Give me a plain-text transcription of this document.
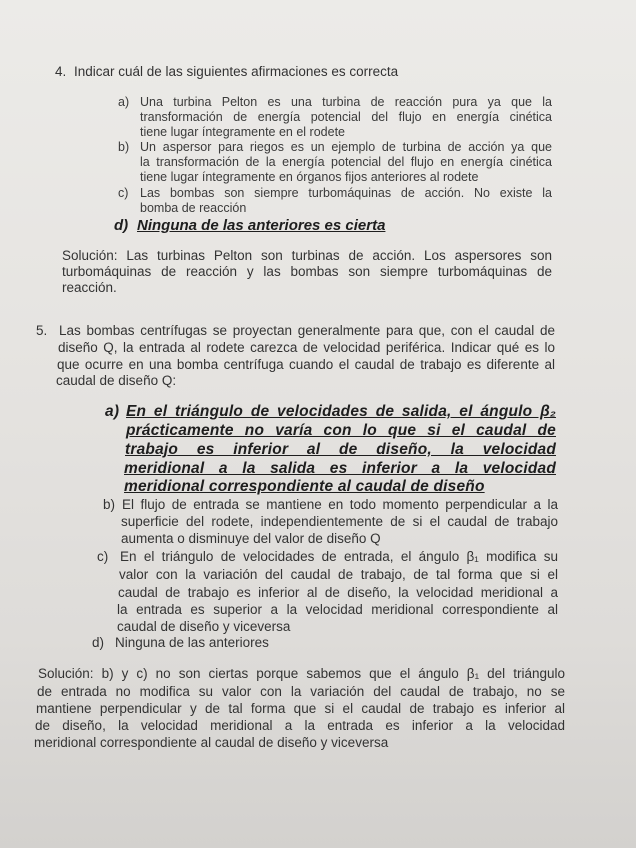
4. Indicar cuál de las siguientes afirmaciones es correcta
a) Una turbina Pelton es una turbina de reacción pura ya que la
transformación de energía potencial del flujo en energía cinética
tiene lugar íntegramente en el rodete
b) Un aspersor para riegos es un ejemplo de turbina de acción ya que
la transformación de la energía potencial del flujo en energía cinética
tiene lugar íntegramente en órganos fijos anteriores al rodete
c) Las bombas son siempre turbomáquinas de acción. No existe la
bomba de reacción
d) Ninguna de las anteriores es cierta
Solución: Las turbinas Pelton son turbinas de acción. Los aspersores son
turbomáquinas de reacción y las bombas son siempre turbomáquinas de
reacción.
5. Las bombas centrífugas se proyectan generalmente para que, con el caudal de
diseño Q, la entrada al rodete carezca de velocidad periférica. Indicar qué es lo
que ocurre en una bomba centrífuga cuando el caudal de trabajo es diferente al
caudal de diseño Q:
a) En el triángulo de velocidades de salida, el ángulo β₂
prácticamente no varía con lo que si el caudal de
trabajo es inferior al de diseño, la velocidad
meridional a la salida es inferior a la velocidad
meridional correspondiente al caudal de diseño
b) El flujo de entrada se mantiene en todo momento perpendicular a la
superficie del rodete, independientemente de si el caudal de trabajo
aumenta o disminuye del valor de diseño Q
c) En el triángulo de velocidades de entrada, el ángulo β₁ modifica su
valor con la variación del caudal de trabajo, de tal forma que si el
caudal de trabajo es inferior al de diseño, la velocidad meridional a
la entrada es superior a la velocidad meridional correspondiente al
caudal de diseño y viceversa
d) Ninguna de las anteriores
Solución: b) y c) no son ciertas porque sabemos que el ángulo β₁ del triángulo
de entrada no modifica su valor con la variación del caudal de trabajo, no se
mantiene perpendicular y de tal forma que si el caudal de trabajo es inferior al
de diseño, la velocidad meridional a la entrada es inferior a la velocidad
meridional correspondiente al caudal de diseño y viceversa
